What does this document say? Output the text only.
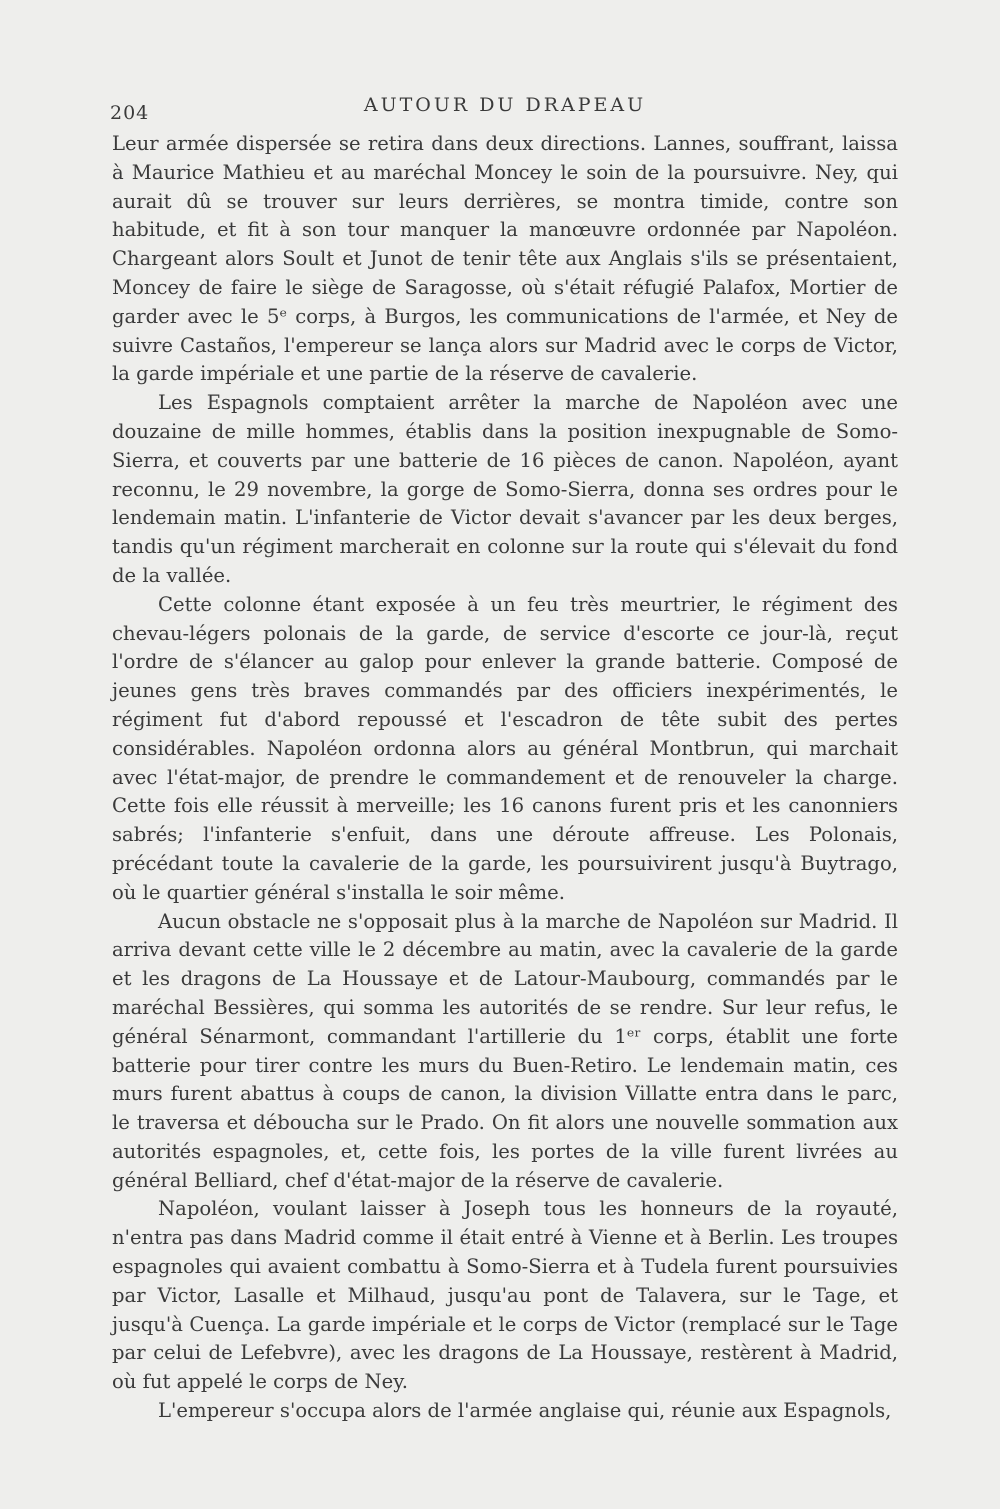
204	AUTOUR DU DRAPEAU

Leur armée dispersée se retira dans deux directions. Lannes, souffrant, laissa à Maurice Mathieu et au maréchal Moncey le soin de la poursuivre. Ney, qui aurait dû se trouver sur leurs derrières, se montra timide, contre son habitude, et fit à son tour manquer la manœuvre ordonnée par Napoléon. Chargeant alors Soult et Junot de tenir tête aux Anglais s'ils se présentaient, Moncey de faire le siège de Saragosse, où s'était réfugié Palafox, Mortier de garder avec le 5ᵉ corps, à Burgos, les communications de l'armée, et Ney de suivre Castaños, l'empereur se lança alors sur Madrid avec le corps de Victor, la garde impériale et une partie de la réserve de cavalerie.

Les Espagnols comptaient arrêter la marche de Napoléon avec une douzaine de mille hommes, établis dans la position inexpugnable de Somo-Sierra, et couverts par une batterie de 16 pièces de canon. Napoléon, ayant reconnu, le 29 novembre, la gorge de Somo-Sierra, donna ses ordres pour le lendemain matin. L'infanterie de Victor devait s'avancer par les deux berges, tandis qu'un régiment marcherait en colonne sur la route qui s'élevait du fond de la vallée.

Cette colonne étant exposée à un feu très meurtrier, le régiment des chevau-légers polonais de la garde, de service d'escorte ce jour-là, reçut l'ordre de s'élancer au galop pour enlever la grande batterie. Composé de jeunes gens très braves commandés par des officiers inexpérimentés, le régiment fut d'abord repoussé et l'escadron de tête subit des pertes considérables. Napoléon ordonna alors au général Montbrun, qui marchait avec l'état-major, de prendre le commandement et de renouveler la charge. Cette fois elle réussit à merveille; les 16 canons furent pris et les canonniers sabrés; l'infanterie s'enfuit, dans une déroute affreuse. Les Polonais, précédant toute la cavalerie de la garde, les poursuivirent jusqu'à Buytrago, où le quartier général s'installa le soir même.

Aucun obstacle ne s'opposait plus à la marche de Napoléon sur Madrid. Il arriva devant cette ville le 2 décembre au matin, avec la cavalerie de la garde et les dragons de La Houssaye et de Latour-Maubourg, commandés par le maréchal Bessières, qui somma les autorités de se rendre. Sur leur refus, le général Sénarmont, commandant l'artillerie du 1ᵉʳ corps, établit une forte batterie pour tirer contre les murs du Buen-Retiro. Le lendemain matin, ces murs furent abattus à coups de canon, la division Villatte entra dans le parc, le traversa et déboucha sur le Prado. On fit alors une nouvelle sommation aux autorités espagnoles, et, cette fois, les portes de la ville furent livrées au général Belliard, chef d'état-major de la réserve de cavalerie.

Napoléon, voulant laisser à Joseph tous les honneurs de la royauté, n'entra pas dans Madrid comme il était entré à Vienne et à Berlin. Les troupes espagnoles qui avaient combattu à Somo-Sierra et à Tudela furent poursuivies par Victor, Lasalle et Milhaud, jusqu'au pont de Talavera, sur le Tage, et jusqu'à Cuença. La garde impériale et le corps de Victor (remplacé sur le Tage par celui de Lefebvre), avec les dragons de La Houssaye, restèrent à Madrid, où fut appelé le corps de Ney.

L'empereur s'occupa alors de l'armée anglaise qui, réunie aux Espagnols,
